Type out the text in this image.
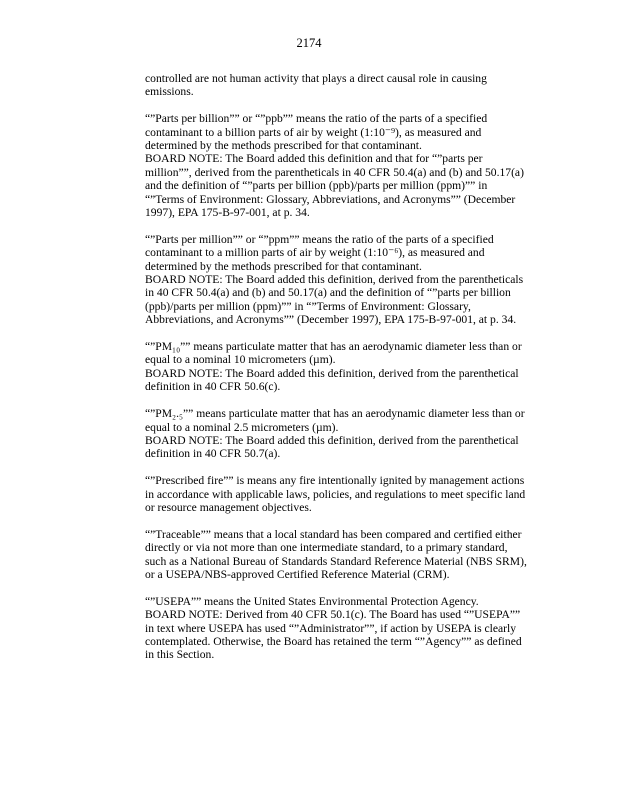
2174
controlled are not human activity that plays a direct causal role in causing
emissions.
“”Parts per billion”” or “”ppb”” means the ratio of the parts of a specified
contaminant to a billion parts of air by weight (1:10⁻⁹), as measured and
determined by the methods prescribed for that contaminant.
BOARD NOTE: The Board added this definition and that for “”parts per
million””, derived from the parentheticals in 40 CFR 50.4(a) and (b) and 50.17(a)
and the definition of “”parts per billion (ppb)/parts per million (ppm)”” in
“”Terms of Environment: Glossary, Abbreviations, and Acronyms”” (December
1997), EPA 175-B-97-001, at p. 34.
“”Parts per million”” or “”ppm”” means the ratio of the parts of a specified
contaminant to a million parts of air by weight (1:10⁻⁶), as measured and
determined by the methods prescribed for that contaminant.
BOARD NOTE: The Board added this definition, derived from the parentheticals
in 40 CFR 50.4(a) and (b) and 50.17(a) and the definition of “”parts per billion
(ppb)/parts per million (ppm)”” in “”Terms of Environment: Glossary,
Abbreviations, and Acronyms”” (December 1997), EPA 175-B-97-001, at p. 34.
“”PM₁₀”” means particulate matter that has an aerodynamic diameter less than or
equal to a nominal 10 micrometers (µm).
BOARD NOTE: The Board added this definition, derived from the parenthetical
definition in 40 CFR 50.6(c).
“”PM₂.₅”” means particulate matter that has an aerodynamic diameter less than or
equal to a nominal 2.5 micrometers (µm).
BOARD NOTE: The Board added this definition, derived from the parenthetical
definition in 40 CFR 50.7(a).
“”Prescribed fire”” is means any fire intentionally ignited by management actions
in accordance with applicable laws, policies, and regulations to meet specific land
or resource management objectives.
“”Traceable”” means that a local standard has been compared and certified either
directly or via not more than one intermediate standard, to a primary standard,
such as a National Bureau of Standards Standard Reference Material (NBS SRM),
or a USEPA/NBS-approved Certified Reference Material (CRM).
“”USEPA”” means the United States Environmental Protection Agency.
BOARD NOTE: Derived from 40 CFR 50.1(c). The Board has used “”USEPA””
in text where USEPA has used “”Administrator””, if action by USEPA is clearly
contemplated. Otherwise, the Board has retained the term “”Agency”” as defined
in this Section.
